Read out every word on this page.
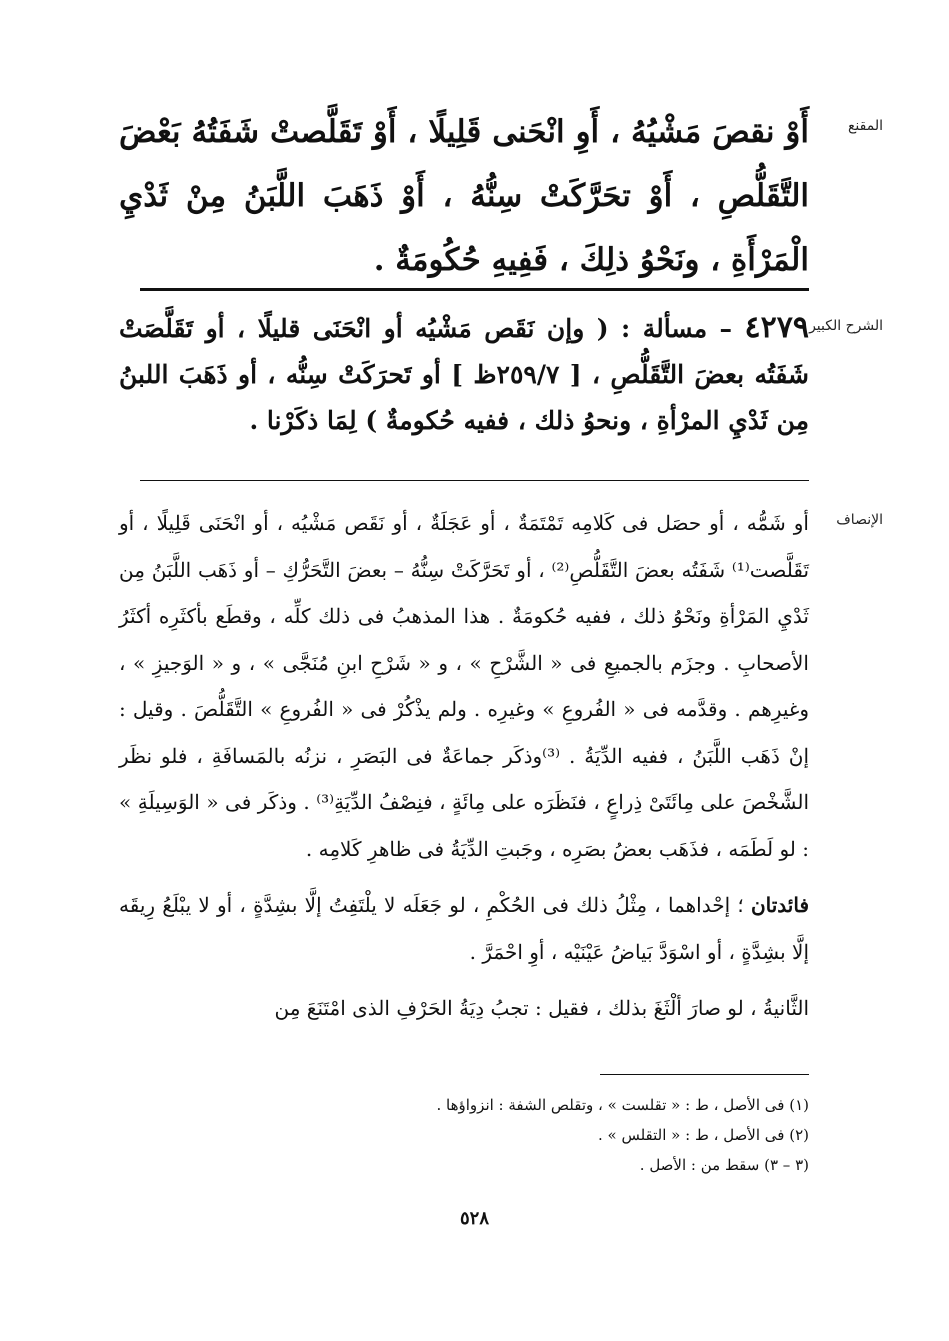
المقنع
أَوْ نقصَ مَشْيُهُ ، أَوِ انْحَنى قَلِيلًا ، أَوْ تَقَلَّصتْ شَفَتُهُ بَعْضَ التَّقَلُّصِ ، أَوْ تحَرَّكَتْ سِنُّهُ ، أَوْ ذَهَبَ اللَّبَنُ مِنْ ثَدْيِ الْمَرْأَةِ ، ونَحْوُ ذلِكَ ، فَفِيهِ حُكُومَةٌ .
الشرح الكبير
٤٢٧٩ – مسألة : ( وإن نَقَص مَشْيُه أو انْحَنَى قليلًا ، أو تَقَلَّصَتْ شَفَتُه بعضَ التَّقَلُّصِ ، [ ٢٥٩/٧ظ ] أو تَحرَكَتْ سِنُّه ، أو ذَهَبَ اللبنُ مِن ثَدْيِ المرْأةِ ، ونحوُ ذلك ، ففيه حُكومةٌ ) لِمَا ذكَرْنا .
الإنصاف

أو شَمُّه ، أو حصَل فى كَلامِه تَمْتَمَةٌ ، أو عَجَلَةٌ ، أو نَقَص مَشْيُه ، أو انْحَنَى قَلِيلًا ، أو تَقَلَّصت⁽¹⁾ شَفَتُه بعضَ التَّقَلُّصِ⁽²⁾ ، أو تَحَرَّكَتْ سِنُّهُ – بعضَ التَّحَرُّكِ – أو ذَهَب اللَّبَنُ مِن ثَدْيِ المَرْأةِ ونَحْوُ ذلك ، ففيه حُكومَةٌ . هذا المذهبُ فى ذلك كلِّه ، وقطَع بأكثَرِه أكثَرُ الأصحابِ . وجزَم بالجميعِ فى « الشَّرْحِ » ، و « شَرْحِ ابنِ مُنَجَّى » ، و « الوَجيزِ » ، وغيرِهم . وقدَّمه فى « الفُروعِ » وغيرِه . ولم يذْكُرْ فى « الفُروعِ » التَّقَلُّصَ . وقيل : إنْ ذَهَب اللَّبَنُ ، ففيه الدِّيَةُ . ⁽³⁾وذكَر جماعَةٌ فى البَصَرِ ، نزنُه بالمَسافَةِ ، فلو نظَر الشَّخْصَ على مِائَتَىْ ذِراعٍ ، فنَظَرَه على مِائَةٍ ، فنِصْفُ الدِّيَةِ⁽³⁾ . وذكَر فى « الوَسِيلَةِ » : لو لَطَمَه ، فذَهَب بعضُ بصَرِه ، وجَبتِ الدِّيَةُ فى ظاهرِ كَلامِه .

فائدتان ؛ إحْداهما ، مِثْلُ ذلك فى الحُكْمِ ، لو جَعَلَه لا يلْتَفِتُ إلَّا بشِدَّةٍ ، أو لا يبْلَعُ رِيقَه إلَّا بشِدَّةٍ ، أو اسْوَدَّ بَياضُ عَيْنَيْه ، أوِ احْمَرَّ .

الثَّانيةُ ، لو صارَ ألْثَغَ بذلك ، فقيل : تجبُ دِيَةُ الحَرْفِ الذى امْتَنَعَ مِن

(١) فى الأصل ، ط : « تقلست » ، وتقلص الشفة : انزواؤها .
(٢) فى الأصل ، ط : « التقلس » .
(٣ – ٣) سقط من : الأصل .
٥٢٨
